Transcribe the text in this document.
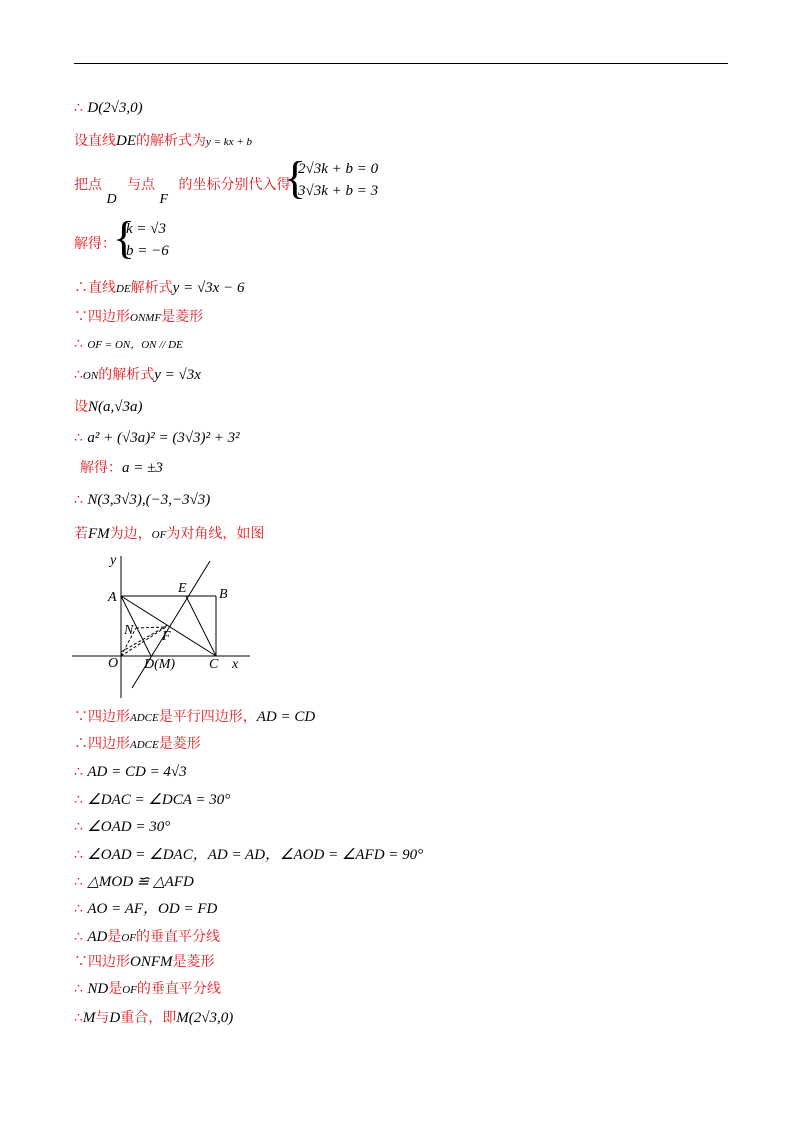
∴ D(2√3,0)
设直线DE的解析式为y = kx + b
把点 D 与点 F 的坐标分别代入得：
{
2√3k + b = 0
3√3k + b = 3
解得：
{
k = √3
b = −6
∴直线DE解析式y = √3x − 6
∵四边形ONMF是菱形
∴ OF = ON，ON // DE
∴ON的解析式y = √3x
设N(a,√3a)
∴ a² + (√3a)² = (3√3)² + 3²
解得：a = ±3
∴ N(3,3√3),(−3,−3√3)
若FM为边，OF为对角线，如图
y
x
A	B
E
N F
O D(M) C
∵四边形ADCE是平行四边形，AD = CD
∴四边形ADCE是菱形
∴ AD = CD = 4√3
∴ ∠DAC = ∠DCA = 30°
∴ ∠OAD = 30°
∴ ∠OAD = ∠DAC，AD = AD，∠AOD = ∠AFD = 90°
∴ △MOD ≌ △AFD
∴ AO = AF，OD = FD
∴ AD是OF的垂直平分线
∵四边形ONFM是菱形
∴ ND是OF的垂直平分线
∴M与D重合，即M(2√3,0)
